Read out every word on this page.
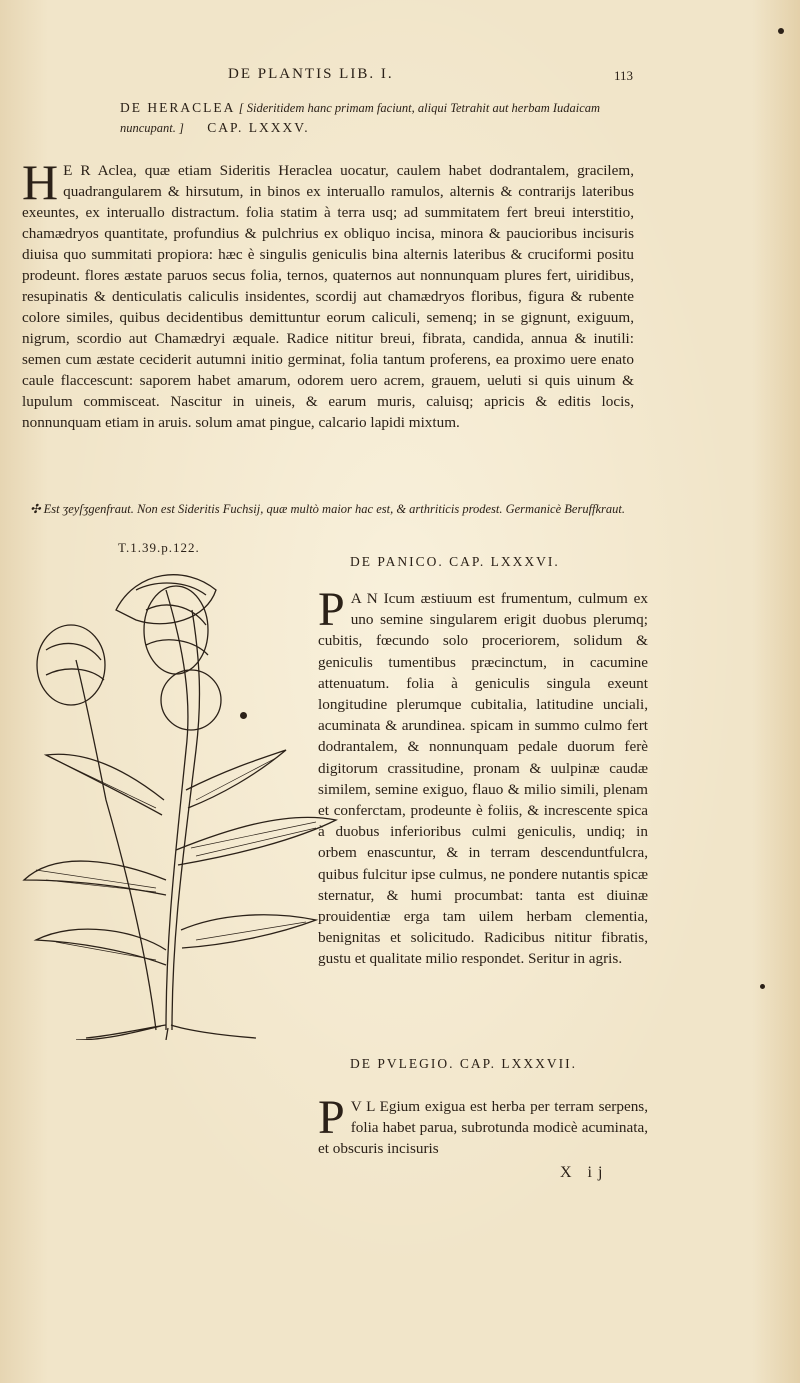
DE PLANTIS LIB. I.	113
DE HERACLEA [ Sideritidem hanc primam faciunt, aliqui Tetrahit aut herbam Iudaicam nuncupant. ] CAP. LXXXV.

H E R Aclea, quæ etiam Sideritis Heraclea uocatur, caulem habet dodrantalem, gracilem, quadrangularem & hirsutum, in binos ex interuallo ramulos, alternis & contrarijs lateribus exeuntes, ex interuallo distractum. folia statim à terra usq; ad summitatem fert breui interstitio, chamædryos quantitate, profundius & pulchrius ex obliquo incisa, minora & paucioribus incisuris diuisa quo summitati propiora: hæc è singulis geniculis bina alternis lateribus & cruciformi positu prodeunt. flores æstate paruos secus folia, ternos, quaternos aut nonnunquam plures fert, uiridibus, resupinatis & denticulatis caliculis insidentes, scordij aut chamædryos floribus, figura & rubente colore similes, quibus decidentibus demittuntur eorum caliculi, semenq; in se gignunt, exiguum, nigrum, scordio aut Chamædryi æquale. Radice nititur breui, fibrata, candida, annua & inutili: semen cum æstate ceciderit autumni initio germinat, folia tantum proferens, ea proximo uere enato caule flaccescunt: saporem habet amarum, odorem uero acrem, grauem, ueluti si quis uinum & lupulum commisceat. Nascitur in uineis, & earum muris, caluisq; apricis & editis locis, nonnunquam etiam in aruis. solum amat pingue, calcario lapidi mixtum.

✣ Est ʒeyſʒgenfraut. Non est Sideritis Fuchsij, quæ multò maior hac est, & arthriticis prodest. Germanicè Beruffkraut.
T.1.39.p.122.
DE PANICO. CAP. LXXXVI.

P A N Icum æstiuum est frumentum, culmum ex uno semine singularem erigit duobus plerumq; cubitis, fœcundo solo proceriorem, solidum & geniculis tumentibus præcinctum, in cacumine attenuatum. folia à geniculis singula exeunt longitudine plerumque cubitalia, latitudine unciali, acuminata & arundinea. spicam in summo culmo fert dodrantalem, & nonnunquam pedale duorum ferè digitorum crassitudine, pronam & uulpinæ caudæ similem, semine exiguo, flauo & milio simili, plenam et conferctam, prodeunte è foliis, & increscente spica à duobus inferioribus culmi geniculis, undiq; in orbem enascuntur, & in terram descenduntfulcra, quibus fulcitur ipse culmus, ne pondere nutantis spicæ sternatur, & humi procumbat: tanta est diuinæ prouidentiæ erga tam uilem herbam clementia, benignitas et solicitudo. Radicibus nititur fibratis, gustu et qualitate milio respondet. Seritur in agris.

DE PVLEGIO. CAP. LXXXVII.

P V L Egium exigua est herba per terram serpens, folia habet parua, subrotunda modicè acuminata, et obscuris incisuris

X ij
